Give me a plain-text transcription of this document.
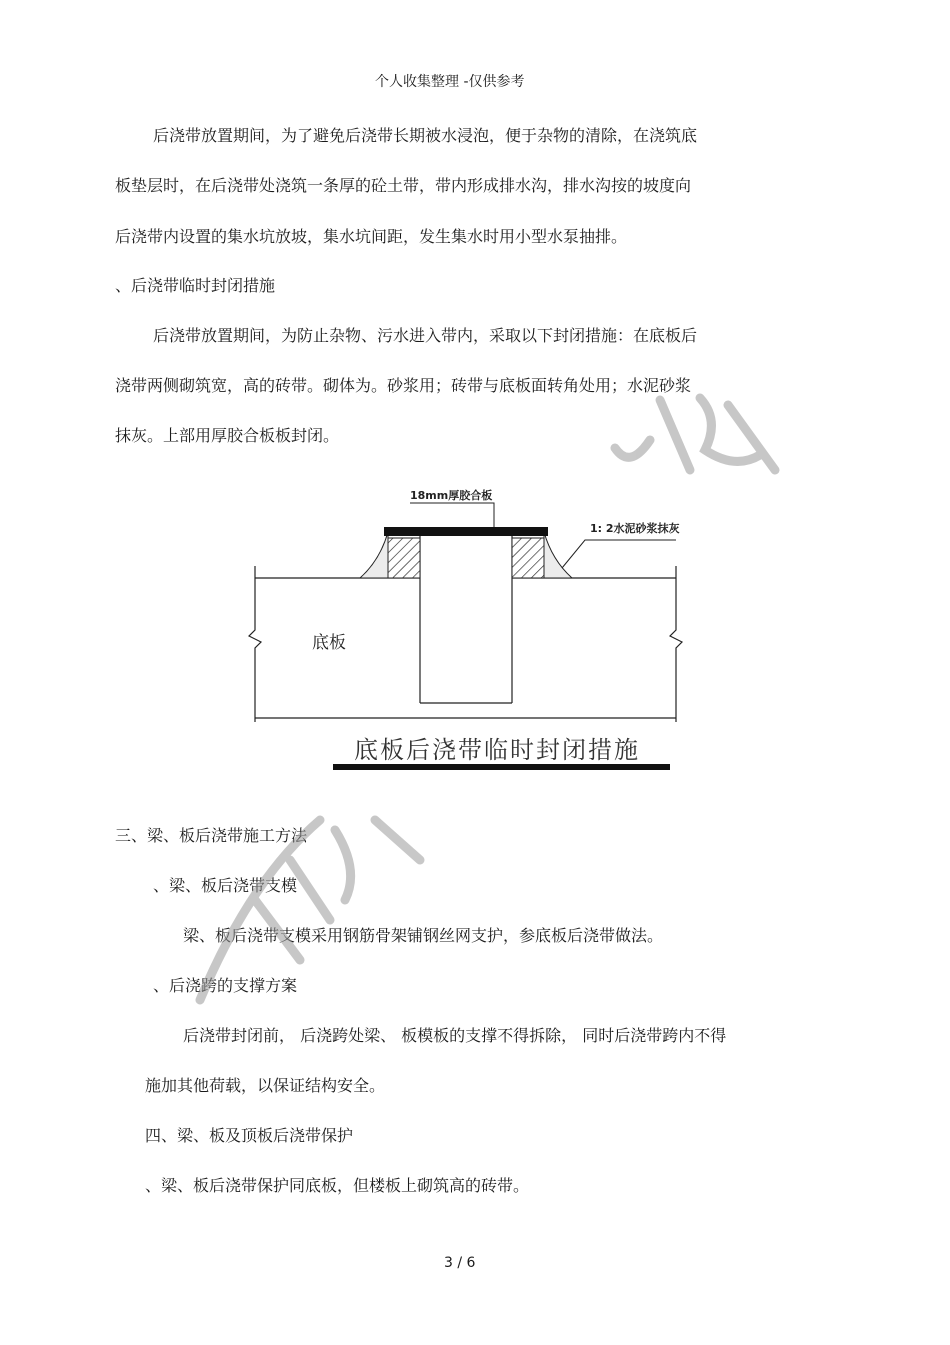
个人收集整理 -仅供参考
后浇带放置期间，为了避免后浇带长期被水浸泡，便于杂物的清除，在浇筑底
板垫层时，在后浇带处浇筑一条厚的砼土带，带内形成排水沟，排水沟按的坡度向
后浇带内设置的集水坑放坡，集水坑间距，发生集水时用小型水泵抽排。
、后浇带临时封闭措施
后浇带放置期间，为防止杂物、污水进入带内，采取以下封闭措施：在底板后
浇带两侧砌筑宽，高的砖带。砌体为。砂浆用；砖带与底板面转角处用；水泥砂浆
抹灰。上部用厚胶合板板封闭。
18mm厚胶合板
1: 2水泥砂浆抹灰
底板
底板后浇带临时封闭措施
三、梁、板后浇带施工方法
、梁、板后浇带支模
梁、板后浇带支模采用钢筋骨架铺钢丝网支护，参底板后浇带做法。
、后浇跨的支撑方案
后浇带封闭前， 后浇跨处梁、 板模板的支撑不得拆除， 同时后浇带跨内不得
施加其他荷载，以保证结构安全。
四、梁、板及顶板后浇带保护
、梁、板后浇带保护同底板，但楼板上砌筑高的砖带。
3 / 6
